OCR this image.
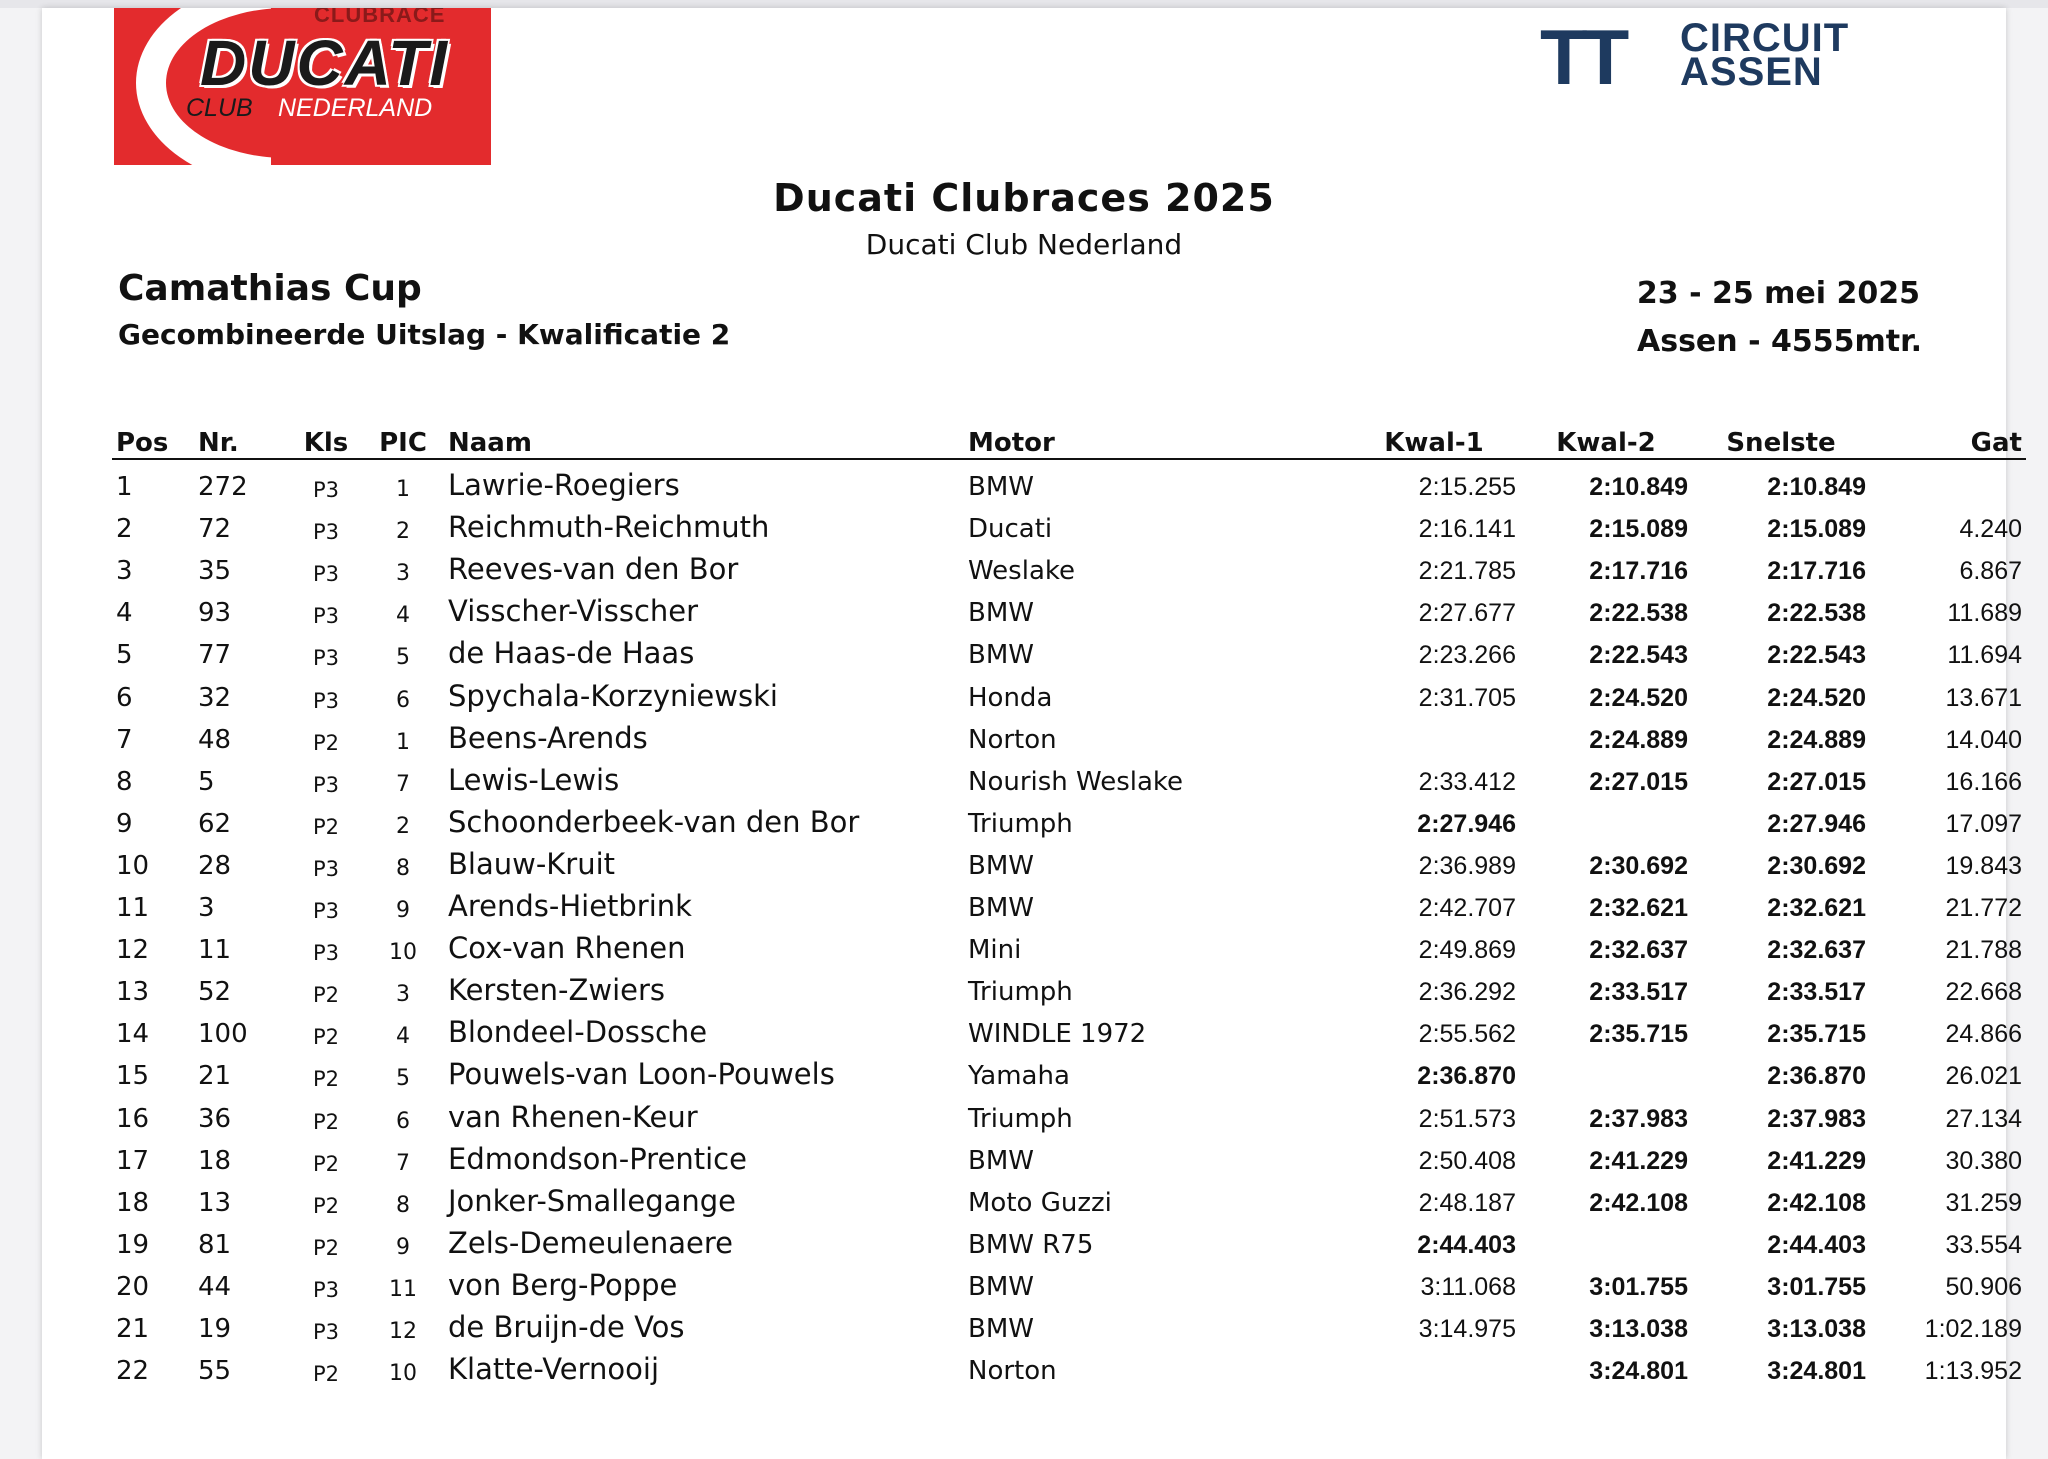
CLUBRACE
DUCATI
CLUB NEDERLAND
TT CIRCUIT
ASSEN
Ducati Clubraces 2025
Ducati Club Nederland
Camathias Cup
Gecombineerde Uitslag - Kwalificatie 2
23 - 25 mei 2025
Assen - 4555mtr.
Pos	Nr.	Kls	PIC	Naam	Motor	Kwal-1	Kwal-2	Snelste	Gat
1	272	P3	1	Lawrie-Roegiers	BMW	2:15.255	2:10.849	2:10.849	
2	72	P3	2	Reichmuth-Reichmuth	Ducati	2:16.141	2:15.089	2:15.089	4.240
3	35	P3	3	Reeves-van den Bor	Weslake	2:21.785	2:17.716	2:17.716	6.867
4	93	P3	4	Visscher-Visscher	BMW	2:27.677	2:22.538	2:22.538	11.689
5	77	P3	5	de Haas-de Haas	BMW	2:23.266	2:22.543	2:22.543	11.694
6	32	P3	6	Spychala-Korzyniewski	Honda	2:31.705	2:24.520	2:24.520	13.671
7	48	P2	1	Beens-Arends	Norton		2:24.889	2:24.889	14.040
8	5	P3	7	Lewis-Lewis	Nourish Weslake	2:33.412	2:27.015	2:27.015	16.166
9	62	P2	2	Schoonderbeek-van den Bor	Triumph	2:27.946		2:27.946	17.097
10	28	P3	8	Blauw-Kruit	BMW	2:36.989	2:30.692	2:30.692	19.843
11	3	P3	9	Arends-Hietbrink	BMW	2:42.707	2:32.621	2:32.621	21.772
12	11	P3	10	Cox-van Rhenen	Mini	2:49.869	2:32.637	2:32.637	21.788
13	52	P2	3	Kersten-Zwiers	Triumph	2:36.292	2:33.517	2:33.517	22.668
14	100	P2	4	Blondeel-Dossche	WINDLE 1972	2:55.562	2:35.715	2:35.715	24.866
15	21	P2	5	Pouwels-van Loon-Pouwels	Yamaha	2:36.870		2:36.870	26.021
16	36	P2	6	van Rhenen-Keur	Triumph	2:51.573	2:37.983	2:37.983	27.134
17	18	P2	7	Edmondson-Prentice	BMW	2:50.408	2:41.229	2:41.229	30.380
18	13	P2	8	Jonker-Smallegange	Moto Guzzi	2:48.187	2:42.108	2:42.108	31.259
19	81	P2	9	Zels-Demeulenaere	BMW R75	2:44.403		2:44.403	33.554
20	44	P3	11	von Berg-Poppe	BMW	3:11.068	3:01.755	3:01.755	50.906
21	19	P3	12	de Bruijn-de Vos	BMW	3:14.975	3:13.038	3:13.038	1:02.189
22	55	P2	10	Klatte-Vernooij	Norton		3:24.801	3:24.801	1:13.952
